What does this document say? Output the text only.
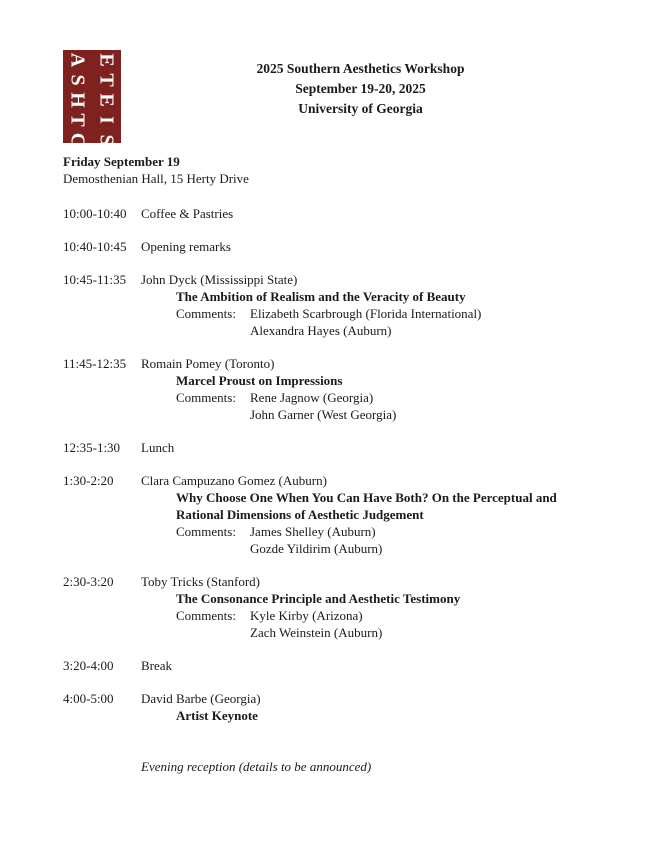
A E
S T
H E
T I
C S
2025 Southern Aesthetics Workshop
September 19-20, 2025
University of Georgia
Friday September 19
Demosthenian Hall, 15 Herty Drive
10:00-10:40	Coffee & Pastries
10:40-10:45	Opening remarks
10:45-11:35	John Dyck (Mississippi State)
The Ambition of Realism and the Veracity of Beauty
Comments:	Elizabeth Scarbrough (Florida International)
Alexandra Hayes (Auburn)
11:45-12:35	Romain Pomey (Toronto)
Marcel Proust on Impressions
Comments:	Rene Jagnow (Georgia)
John Garner (West Georgia)
12:35-1:30	Lunch
1:30-2:20	Clara Campuzano Gomez (Auburn)
Why Choose One When You Can Have Both? On the Perceptual and
Rational Dimensions of Aesthetic Judgement
Comments:	James Shelley (Auburn)
Gozde Yildirim (Auburn)
2:30-3:20	Toby Tricks (Stanford)
The Consonance Principle and Aesthetic Testimony
Comments:	Kyle Kirby (Arizona)
Zach Weinstein (Auburn)
3:20-4:00	Break
4:00-5:00	David Barbe (Georgia)
Artist Keynote
Evening reception (details to be announced)
